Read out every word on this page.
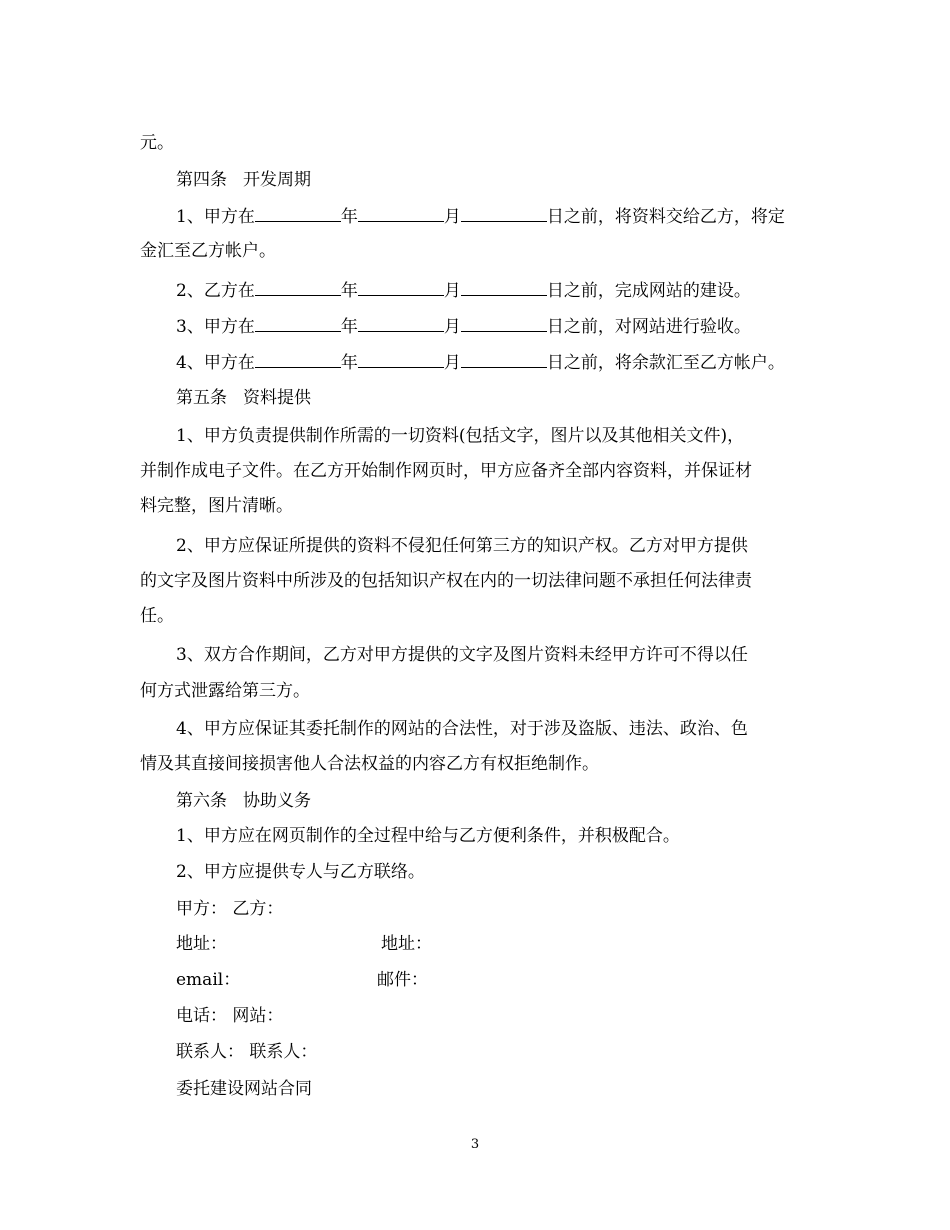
元。
第四条 开发周期
1、甲方在	年	月	日之前，将资料交给乙方，将定
金汇至乙方帐户。
2、乙方在	年	月	日之前，完成网站的建设。
3、甲方在	年	月	日之前，对网站进行验收。
4、甲方在	年	月	日之前，将余款汇至乙方帐户。
第五条 资料提供
1、甲方负责提供制作所需的一切资料(包括文字，图片以及其他相关文件)，
并制作成电子文件。在乙方开始制作网页时，甲方应备齐全部内容资料，并保证材
料完整，图片清晰。
2、甲方应保证所提供的资料不侵犯任何第三方的知识产权。乙方对甲方提供
的文字及图片资料中所涉及的包括知识产权在内的一切法律问题不承担任何法律责
任。
3、双方合作期间，乙方对甲方提供的文字及图片资料未经甲方许可不得以任
何方式泄露给第三方。
4、甲方应保证其委托制作的网站的合法性，对于涉及盗版、违法、政治、色
情及其直接间接损害他人合法权益的内容乙方有权拒绝制作。
第六条 协助义务
1、甲方应在网页制作的全过程中给与乙方便利条件，并积极配合。
2、甲方应提供专人与乙方联络。
甲方： 乙方：
地址：	地址：
email：	邮件：
电话： 网站：
联系人： 联系人：
委托建设网站合同
3
